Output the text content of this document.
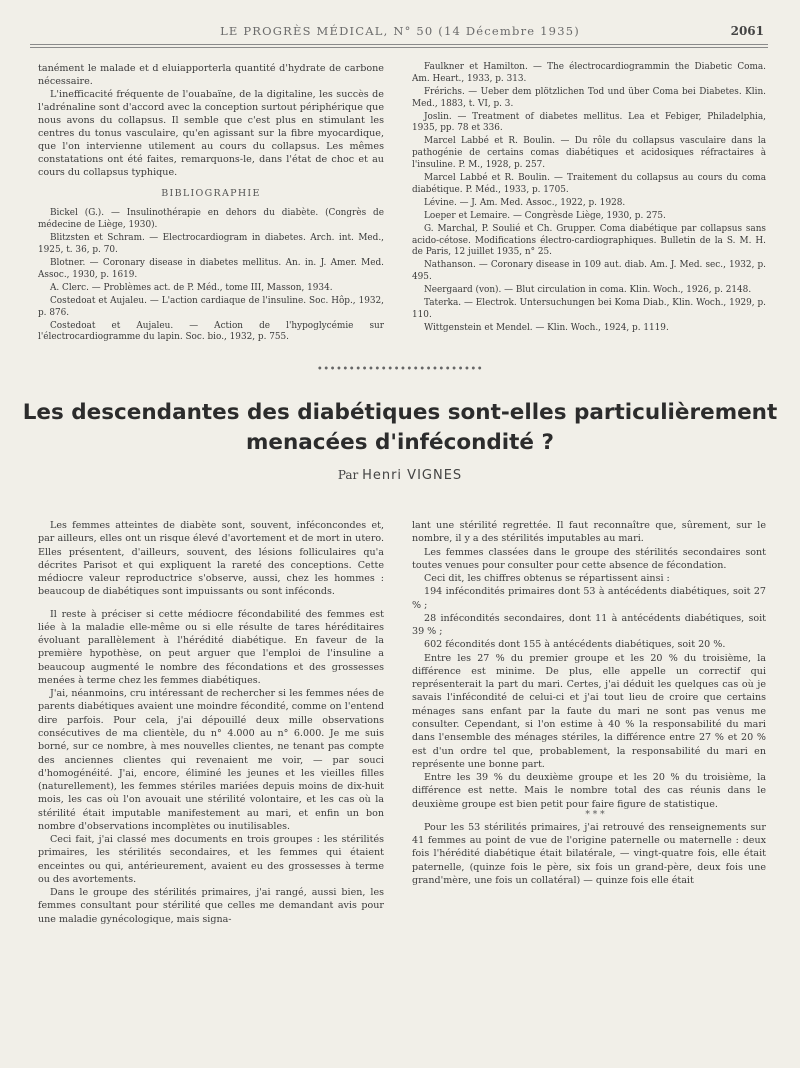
LE PROGRÈS MÉDICAL, N° 50 (14 Décembre 1935)	2061

tanément le malade et d eluiapporterla quantité d'hydrate de carbone nécessaire.

L'inefficacité fréquente de l'ouabaïne, de la digitaline, les succès de l'adrénaline sont d'accord avec la conception surtout périphérique que nous avons du collapsus. Il semble que c'est plus en stimulant les centres du tonus vasculaire, qu'en agissant sur la fibre myocardique, que l'on intervienne utilement au cours du collapsus. Les mêmes constatations ont été faites, remarquons-le, dans l'état de choc et au cours du collapsus typhique.

BIBLIOGRAPHIE

Bickel (G.). — Insulinothérapie en dehors du diabète. (Congrès de médecine de Liège, 1930).

Blitzsten et Schram. — Electrocardiogram in diabetes. Arch. int. Med., 1925, t. 36, p. 70.

Blotner. — Coronary disease in diabetes mellitus. An. in. J. Amer. Med. Assoc., 1930, p. 1619.

A. Clerc. — Problèmes act. de P. Méd., tome III, Masson, 1934.

Costedoat et Aujaleu. — L'action cardiaque de l'insuline. Soc. Hôp., 1932, p. 876.

Costedoat et Aujaleu. — Action de l'hypoglycémie sur l'électrocardiogramme du lapin. Soc. bio., 1932, p. 755.

Faulkner et Hamilton. — The électrocardiogrammin the Diabetic Coma. Am. Heart., 1933, p. 313.

Frérichs. — Ueber dem plötzlichen Tod und über Coma bei Diabetes. Klin. Med., 1883, t. VI, p. 3.

Joslin. — Treatment of diabetes mellitus. Lea et Febiger, Philadelphia, 1935, pp. 78 et 336.

Marcel Labbé et R. Boulin. — Du rôle du collapsus vasculaire dans la pathogénie de certains comas diabétiques et acidosiques réfractaires à l'insuline. P. M., 1928, p. 257.

Marcel Labbé et R. Boulin. — Traitement du collapsus au cours du coma diabétique. P. Méd., 1933, p. 1705.

Lévine. — J. Am. Med. Assoc., 1922, p. 1928.

Loeper et Lemaire. — Congrèsde Liège, 1930, p. 275.

G. Marchal, P. Soulié et Ch. Grupper. Coma diabétique par collapsus sans acido-cétose. Modifications électro-cardiographiques. Bulletin de la S. M. H. de Paris, 12 juillet 1935, n° 25.

Nathanson. — Coronary disease in 109 aut. diab. Am. J. Med. sec., 1932, p. 495.

Neergaard (von). — Blut circulation in coma. Klin. Woch., 1926, p. 2148.

Taterka. — Electrok. Untersuchungen bei Koma Diab., Klin. Woch., 1929, p. 110.

Wittgenstein et Mendel. — Klin. Woch., 1924, p. 1119.

••••••••••••••••••••••••••
Les descendantes des diabétiques sont-elles particulièrement
menacées d'infécondité ?
Par Henri VIGNES

Les femmes atteintes de diabète sont, souvent, inféconcondes et, par ailleurs, elles ont un risque élevé d'avortement et de mort in utero. Elles présentent, d'ailleurs, souvent, des lésions folliculaires qu'a décrites Parisot et qui expliquent la rareté des conceptions. Cette médiocre valeur reproductrice s'observe, aussi, chez les hommes : beaucoup de diabétiques sont impuissants ou sont inféconds.

Il reste à préciser si cette médiocre fécondabilité des femmes est liée à la maladie elle-même ou si elle résulte de tares héréditaires évoluant parallèlement à l'hérédité diabétique. En faveur de la première hypothèse, on peut arguer que l'emploi de l'insuline a beaucoup augmenté le nombre des fécondations et des grossesses menées à terme chez les femmes diabétiques.

J'ai, néanmoins, cru intéressant de rechercher si les femmes nées de parents diabétiques avaient une moindre fécondité, comme on l'entend dire parfois. Pour cela, j'ai dépouillé deux mille observations consécutives de ma clientèle, du n° 4.000 au n° 6.000. Je me suis borné, sur ce nombre, à mes nouvelles clientes, ne tenant pas compte des anciennes clientes qui revenaient me voir, — par souci d'homogénéité. J'ai, encore, éliminé les jeunes et les vieilles filles (naturellement), les femmes stériles mariées depuis moins de dix-huit mois, les cas où l'on avouait une stérilité volontaire, et les cas où la stérilité était imputable manifestement au mari, et enfin un bon nombre d'observations incomplètes ou inutilisables.

Ceci fait, j'ai classé mes documents en trois groupes : les stérilités primaires, les stérilités secondaires, et les femmes qui étaient enceintes ou qui, antérieurement, avaient eu des grossesses à terme ou des avortements.

Dans le groupe des stérilités primaires, j'ai rangé, aussi bien, les femmes consultant pour stérilité que celles me demandant avis pour une maladie gynécologique, mais signa-

lant une stérilité regrettée. Il faut reconnaître que, sûrement, sur le nombre, il y a des stérilités imputables au mari.

Les femmes classées dans le groupe des stérilités secondaires sont toutes venues pour consulter pour cette absence de fécondation.

Ceci dit, les chiffres obtenus se répartissent ainsi :

194 infécondités primaires dont 53 à antécédents diabétiques, soit 27 % ;

28 infécondités secondaires, dont 11 à antécédents diabétiques, soit 39 % ;

602 fécondités dont 155 à antécédents diabétiques, soit 20 %.

Entre les 27 % du premier groupe et les 20 % du troisième, la différence est minime. De plus, elle appelle un correctif qui représenterait la part du mari. Certes, j'ai déduit les quelques cas où je savais l'infécondité de celui-ci et j'ai tout lieu de croire que certains ménages sans enfant par la faute du mari ne sont pas venus me consulter. Cependant, si l'on estime à 40 % la responsabilité du mari dans l'ensemble des ménages stériles, la différence entre 27 % et 20 % est d'un ordre tel que, probablement, la responsabilité du mari en représente une bonne part.

Entre les 39 % du deuxième groupe et les 20 % du troisième, la différence est nette. Mais le nombre total des cas réunis dans le deuxième groupe est bien petit pour faire figure de statistique.

* * *

Pour les 53 stérilités primaires, j'ai retrouvé des renseignements sur 41 femmes au point de vue de l'origine paternelle ou maternelle : deux fois l'hérédité diabétique était bilatérale, — vingt-quatre fois, elle était paternelle, (quinze fois le père, six fois un grand-père, deux fois une grand'mère, une fois un collatéral) — quinze fois elle était
